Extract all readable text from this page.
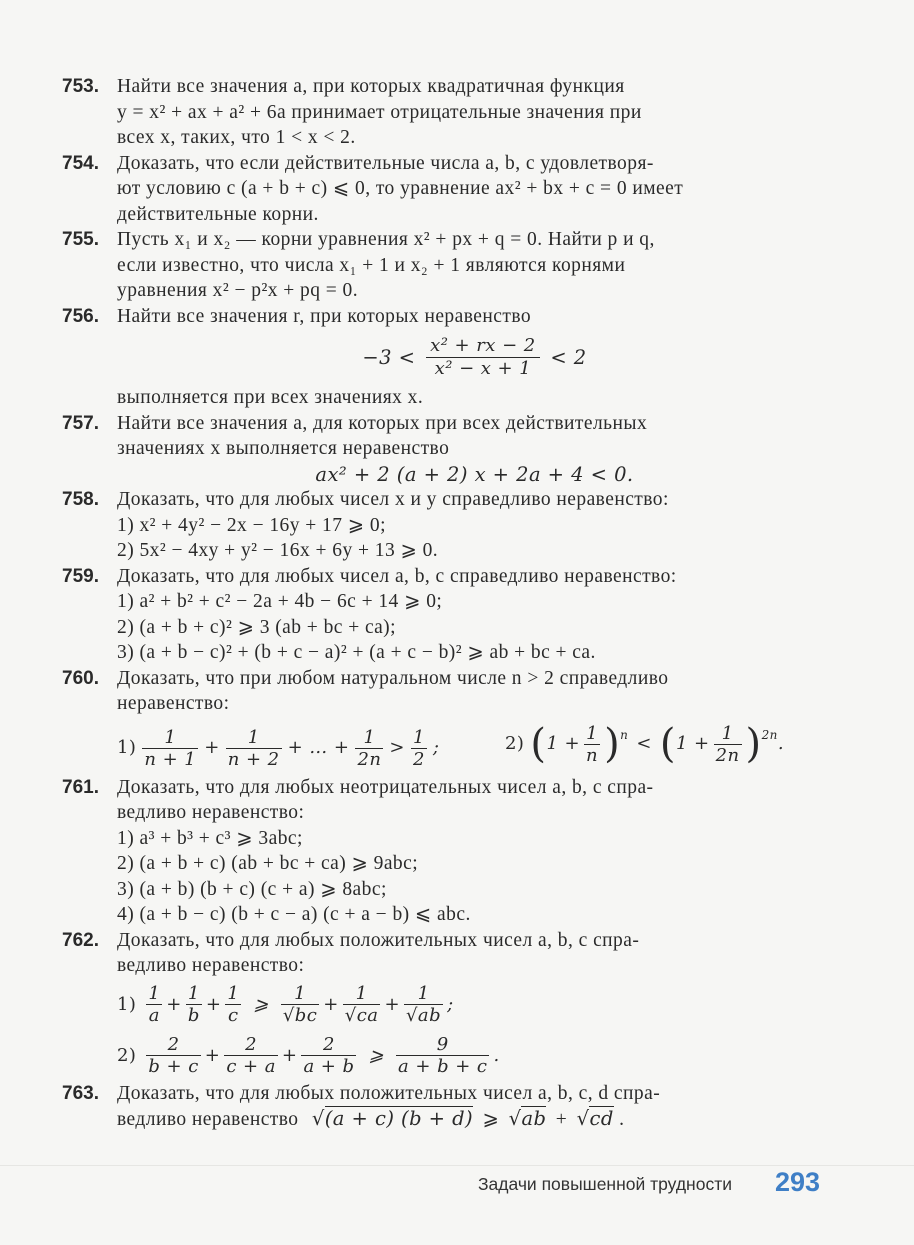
753. Найти все значения a, при которых квадратичная функция
y = x² + ax + a² + 6a принимает отрицательные значения при
всех x, таких, что 1 < x < 2.
754. Доказать, что если действительные числа a, b, c удовлетворя-
ют условию c (a + b + c) ⩽ 0, то уравнение ax² + bx + c = 0 имеет
действительные корни.
755. Пусть x₁ и x₂ — корни уравнения x² + px + q = 0. Найти p и q,
если известно, что числа x₁ + 1 и x₂ + 1 являются корнями
уравнения x² − p²x + pq = 0.
756. Найти все значения r, при которых неравенство
$-3 < \frac{\text{x² + rx − 2}}{\text{x² − x + 1}} < 2$
выполняется при всех значениях x.
757. Найти все значения a, для которых при всех действительных
значениях x выполняется неравенство
ax² + 2 (a + 2) x + 2a + 4 < 0.
758. Доказать, что для любых чисел x и y справедливо неравенство:
1) x² + 4y² − 2x − 16y + 17 ⩾ 0;
2) 5x² − 4xy + y² − 16x + 6y + 13 ⩾ 0.
759. Доказать, что для любых чисел a, b, c справедливо неравенство:
1) a² + b² + c² − 2a + 4b − 6c + 14 ⩾ 0;
2) (a + b + c)² ⩾ 3 (ab + bc + ca);
3) (a + b − c)² + (b + c − a)² + (a + c − b)² ⩾ ab + bc + ca.
760. Доказать, что при любом натуральном числе n > 2 справедливо
неравенство:
$1) \frac{1}{n + 1} + \frac{1}{n + 2}$ + … + $\frac{1}{2n} > \frac{1}{2}$ ;	2) ( $1 + \frac{1}{n} )^n$ < ( $1 + \frac{1}{2n} )^{2n}$ .
761. Доказать, что для любых неотрицательных чисел a, b, c спра-
ведливо неравенство:
1) a³ + b³ + c³ ⩾ 3abc;
2) (a + b + c) (ab + bc + ca) ⩾ 9abc;
3) (a + b) (b + c) (c + a) ⩾ 8abc;
4) (a + b − c) (b + c − a) (c + a − b) ⩽ abc.
762. Доказать, что для любых положительных чисел a, b, c спра-
ведливо неравенство:
$1) \frac{1}{a} + \frac{1}{b} + \frac{1}{c}$ ⩾ $\frac{1}{√bc} + \frac{1}{√ca} + \frac{1}{√ab}$ ;
$2) \frac{2}{b + c} + \frac{2}{c + a} + \frac{2}{a + b}$ ⩾ $\frac{9}{a + b + c}$ .
763. Доказать, что для любых положительных чисел a, b, c, d спра-
ведливо неравенство √(a + c) (b + d) ⩾ √ab + √cd .
Задачи повышенной трудности 293
